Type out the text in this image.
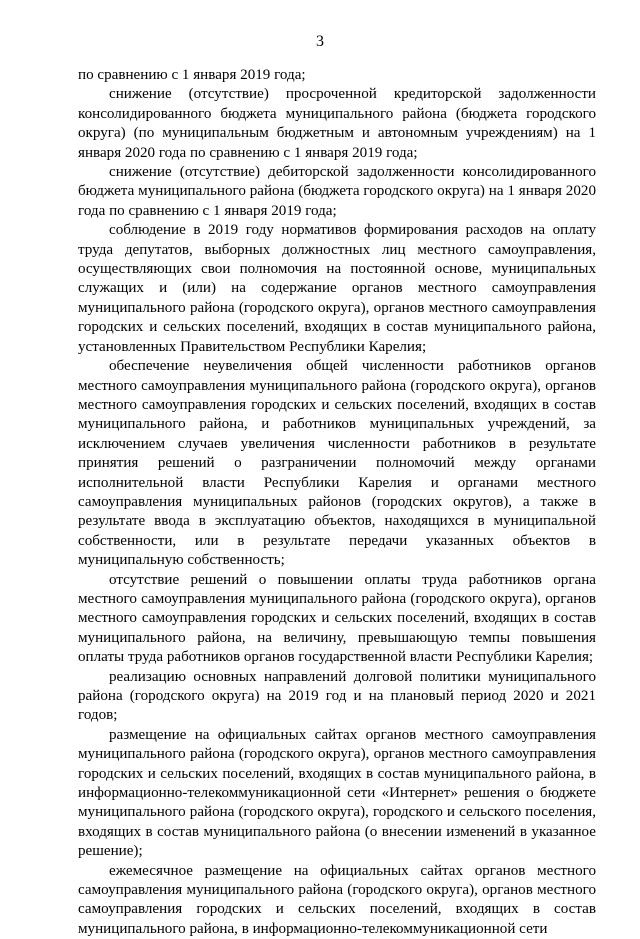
3

по сравнению с 1 января 2019 года;

снижение (отсутствие) просроченной кредиторской задолженности консолидированного бюджета муниципального района (бюджета городского округа) (по муниципальным бюджетным и автономным учреждениям) на 1 января 2020 года по сравнению с 1 января 2019 года;

снижение (отсутствие) дебиторской задолженности консолидированного бюджета муниципального района (бюджета городского округа) на 1 января 2020 года по сравнению с 1 января 2019 года;

соблюдение в 2019 году нормативов формирования расходов на оплату труда депутатов, выборных должностных лиц местного самоуправления, осуществляющих свои полномочия на постоянной основе, муниципальных служащих и (или) на содержание органов местного самоуправления муниципального района (городского округа), органов местного самоуправления городских и сельских поселений, входящих в состав муниципального района, установленных Правительством Республики Карелия;

обеспечение неувеличения общей численности работников органов местного самоуправления муниципального района (городского округа), органов местного самоуправления городских и сельских поселений, входящих в состав муниципального района, и работников муниципальных учреждений, за исключением случаев увеличения численности работников в результате принятия решений о разграничении полномочий между органами исполнительной власти Республики Карелия и органами местного самоуправления муниципальных районов (городских округов), а также в результате ввода в эксплуатацию объектов, находящихся в муниципальной собственности, или в результате передачи указанных объектов в муниципальную собственность;

отсутствие решений о повышении оплаты труда работников органа местного самоуправления муниципального района (городского округа), органов местного самоуправления городских и сельских поселений, входящих в состав муниципального района, на величину, превышающую темпы повышения оплаты труда работников органов государственной власти Республики Карелия;

реализацию основных направлений долговой политики муниципального района (городского округа) на 2019 год и на плановый период 2020 и 2021 годов;

размещение на официальных сайтах органов местного самоуправления муниципального района (городского округа), органов местного самоуправления городских и сельских поселений, входящих в состав муниципального района, в информационно-телекоммуникационной сети «Интернет» решения о бюджете муниципального района (городского округа), городского и сельского поселения, входящих в состав муниципального района (о внесении изменений в указанное решение);

ежемесячное размещение на официальных сайтах органов местного самоуправления муниципального района (городского округа), органов местного самоуправления городских и сельских поселений, входящих в состав муниципального района, в информационно-телекоммуникационной сети
